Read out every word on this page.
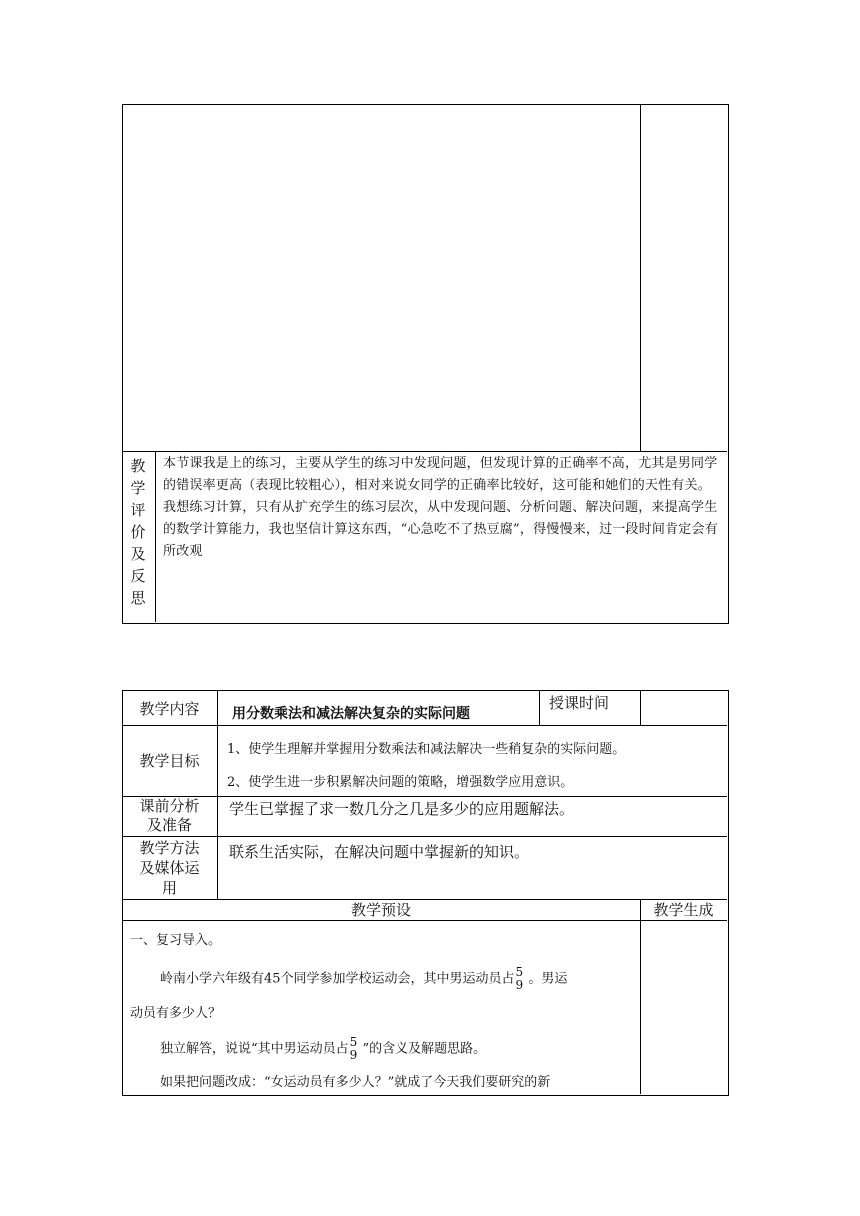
教学评价及反思
本节课我是上的练习，主要从学生的练习中发现问题，但发现计算的正确率不高，尤其是男同学的错误率更高（表现比较粗心），相对来说女同学的正确率比较好，这可能和她们的天性有关。我想练习计算，只有从扩充学生的练习层次，从中发现问题、分析问题、解决问题，来提高学生的数学计算能力，我也坚信计算这东西，“心急吃不了热豆腐”，得慢慢来，过一段时间肯定会有所改观
教学内容	用分数乘法和减法解决复杂的实际问题
授课时间
教学目标
1、使学生理解并掌握用分数乘法和减法解决一些稍复杂的实际问题。
2、使学生进一步积累解决问题的策略，增强数学应用意识。
课前分析
及准备
学生已掌握了求一数几分之几是多少的应用题解法。
教学方法
及媒体运
用
联系生活实际，在解决问题中掌握新的知识。
教学预设	教学生成
一、复习导入。
岭南小学六年级有45个同学参加学校运动会，其中男运动员占 5
9 。男运
动员有多少人？
独立解答，说说“其中男运动员占 5
9 ”的含义及解题思路。
如果把问题改成：“女运动员有多少人？”就成了今天我们要研究的新
